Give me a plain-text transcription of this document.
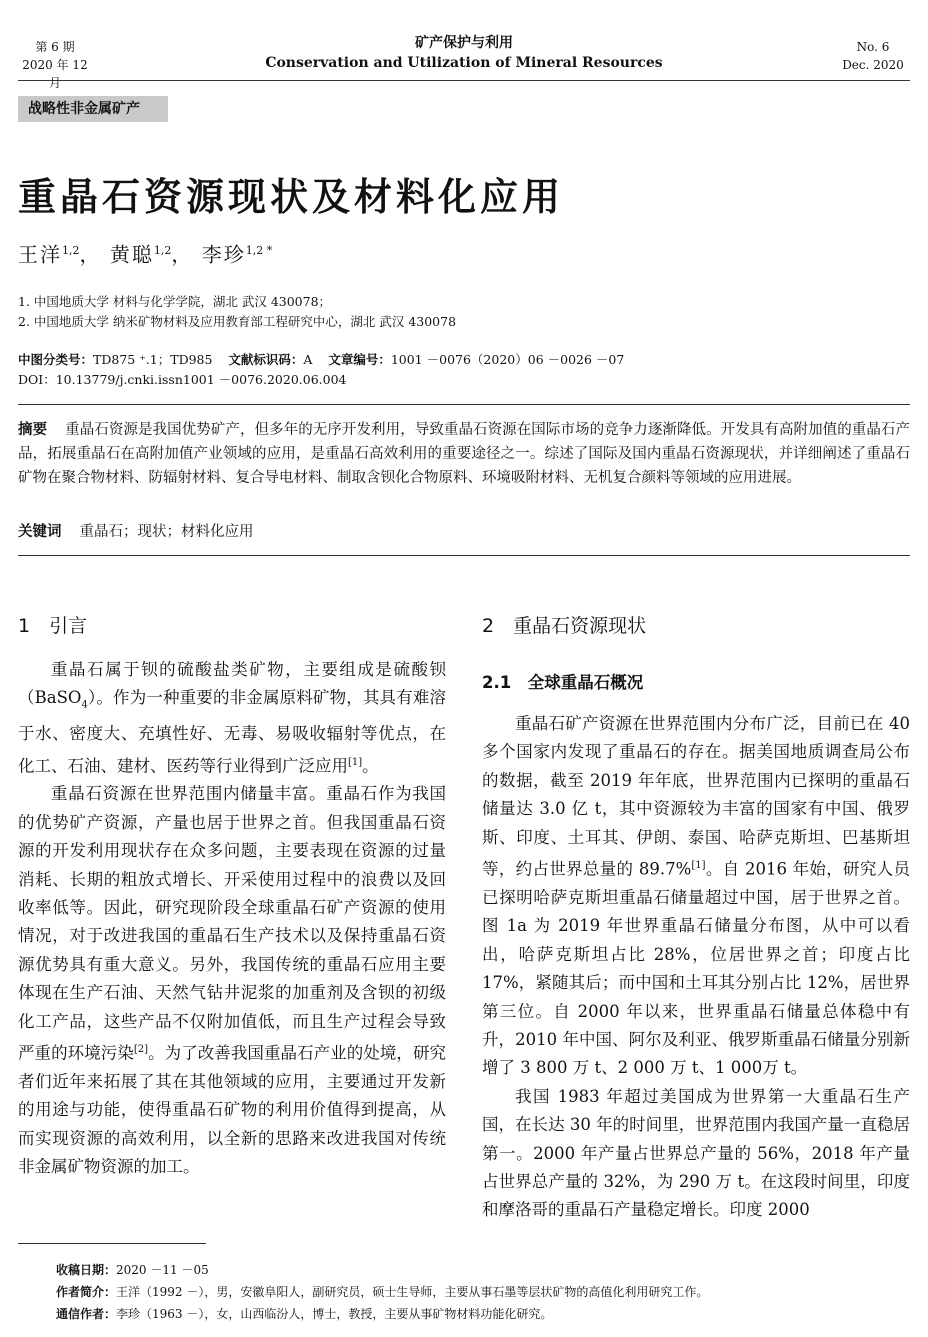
第 6 期
2020 年 12 月
矿产保护与利用
Conservation and Utilization of Mineral Resources
No. 6
Dec. 2020
战略性非金属矿产
重晶石资源现状及材料化应用
王洋$^{1,2}$， 黄聪$^{1,2}$， 李珍$^{1,2 *}$
1. 中国地质大学 材料与化学学院，湖北 武汉 430078；
2. 中国地质大学 纳米矿物材料及应用教育部工程研究中心，湖北 武汉 430078
中图分类号：TD875 ⁺.1；TD985 文献标识码：A 文章编号：1001 －0076（2020）06 －0026 －07
DOI：10.13779/j.cnki.issn1001 －0076.2020.06.004
摘要 重晶石资源是我国优势矿产，但多年的无序开发利用，导致重晶石资源在国际市场的竞争力逐渐降低。开发具有高附加值的重晶石产品，拓展重晶石在高附加值产业领域的应用，是重晶石高效利用的重要途径之一。综述了国际及国内重晶石资源现状，并详细阐述了重晶石矿物在聚合物材料、防辐射材料、复合导电材料、制取含钡化合物原料、环境吸附材料、无机复合颜料等领域的应用进展。
关键词 重晶石；现状；材料化应用
1　引言

重晶石属于钡的硫酸盐类矿物，主要组成是硫酸钡（BaSO$_4$）。作为一种重要的非金属原料矿物，其具有难溶于水、密度大、充填性好、无毒、易吸收辐射等优点，在化工、石油、建材、医药等行业得到广泛应用[1]。

重晶石资源在世界范围内储量丰富。重晶石作为我国的优势矿产资源，产量也居于世界之首。但我国重晶石资源的开发利用现状存在众多问题，主要表现在资源的过量消耗、长期的粗放式增长、开采使用过程中的浪费以及回收率低等。因此，研究现阶段全球重晶石矿产资源的使用情况，对于改进我国的重晶石生产技术以及保持重晶石资源优势具有重大意义。另外，我国传统的重晶石应用主要体现在生产石油、天然气钻井泥浆的加重剂及含钡的初级化工产品，这些产品不仅附加值低，而且生产过程会导致严重的环境污染[2]。为了改善我国重晶石产业的处境，研究者们近年来拓展了其在其他领域的应用，主要通过开发新的用途与功能，使得重晶石矿物的利用价值得到提高，从而实现资源的高效利用，以全新的思路来改进我国对传统非金属矿物资源的加工。

2　重晶石资源现状
2.1　全球重晶石概况

重晶石矿产资源在世界范围内分布广泛，目前已在 40 多个国家内发现了重晶石的存在。据美国地质调查局公布的数据，截至 2019 年年底，世界范围内已探明的重晶石储量达 3.0 亿 t，其中资源较为丰富的国家有中国、俄罗斯、印度、土耳其、伊朗、泰国、哈萨克斯坦、巴基斯坦等，约占世界总量的 89.7%[1]。自 2016 年始，研究人员已探明哈萨克斯坦重晶石储量超过中国，居于世界之首。图 1a 为 2019 年世界重晶石储量分布图，从中可以看出，哈萨克斯坦占比 28%，位居世界之首；印度占比 17%，紧随其后；而中国和土耳其分别占比 12%，居世界第三位。自 2000 年以来，世界重晶石储量总体稳中有升，2010 年中国、阿尔及利亚、俄罗斯重晶石储量分别新增了 3 800 万 t、2 000 万 t、1 000万 t。

我国 1983 年超过美国成为世界第一大重晶石生产国，在长达 30 年的时间里，世界范围内我国产量一直稳居第一。2000 年产量占世界总产量的 56%，2018 年产量占世界总产量的 32%，为 290 万 t。在这段时间里，印度和摩洛哥的重晶石产量稳定增长。印度 2000

收稿日期：2020 －11 －05
作者简介：王洋（1992 －），男，安徽阜阳人，副研究员，硕士生导师，主要从事石墨等层状矿物的高值化利用研究工作。
通信作者：李珍（1963 －），女，山西临汾人，博士，教授，主要从事矿物材料功能化研究。
